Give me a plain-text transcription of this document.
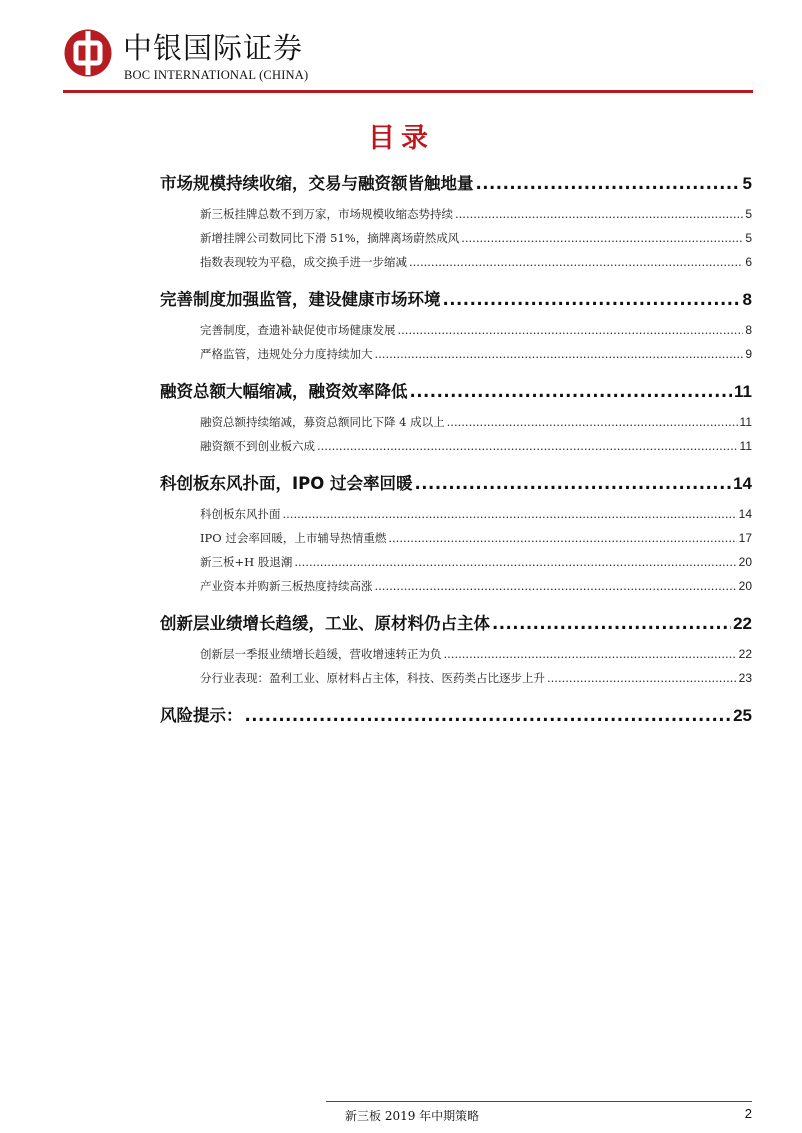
中银国际证券
BOC INTERNATIONAL (CHINA)
目录
市场规模持续收缩，交易与融资额皆触地量 .....	5
新三板挂牌总数不到万家，市场规模收缩态势持续 .....	5
新增挂牌公司数同比下滑 51%，摘牌离场蔚然成风 .....	5
指数表现较为平稳，成交换手进一步缩减 .....	6
完善制度加强监管，建设健康市场环境 .....	8
完善制度，查遗补缺促使市场健康发展 .....	8
严格监管，违规处分力度持续加大 .....	9
融资总额大幅缩减，融资效率降低 .....	11
融资总额持续缩减，募资总额同比下降 4 成以上 .....	11
融资额不到创业板六成 .....	11
科创板东风扑面，IPO 过会率回暖 .....	14
科创板东风扑面 .....	14
IPO 过会率回暖，上市辅导热情重燃 .....	17
新三板+H 股退潮 .....	20
产业资本并购新三板热度持续高涨 .....	20
创新层业绩增长趋缓，工业、原材料仍占主体 .....	22
创新层一季报业绩增长趋缓，营收增速转正为负 .....	22
分行业表现：盈利工业、原材料占主体，科技、医药类占比逐步上升 .....	23
风险提示： .....	25
新三板 2019 年中期策略	2
